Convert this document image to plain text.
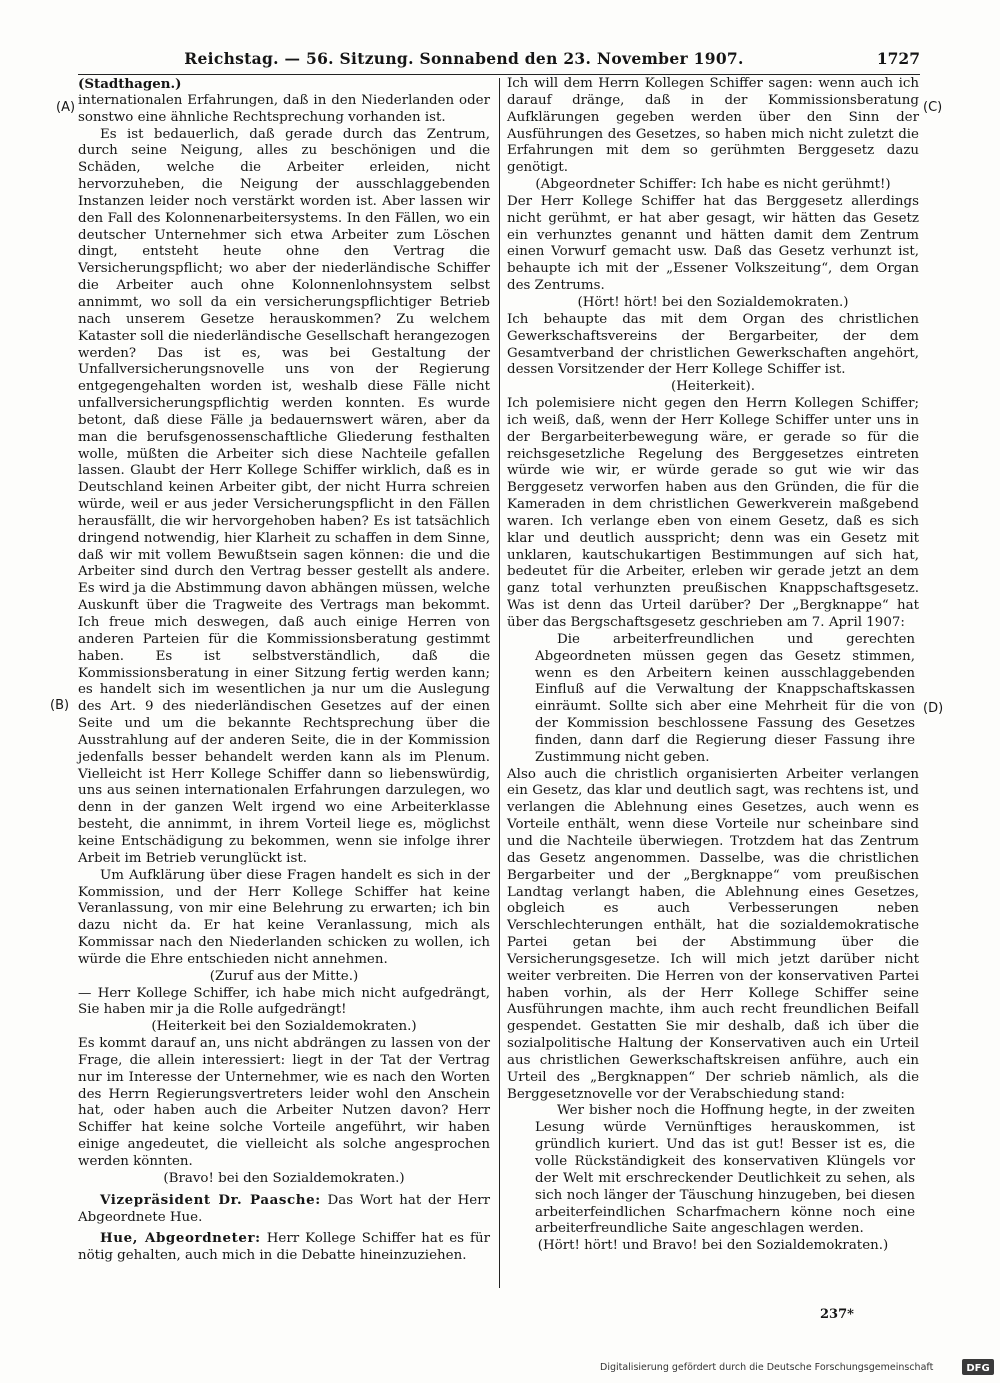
Reichstag. — 56. Sitzung. Sonnabend den 23. November 1907.	1727
(A)
(B)
(C)
(D)

(Stadthagen.)

internationalen Erfahrungen, daß in den Niederlanden oder sonstwo eine ähnliche Rechtsprechung vorhanden ist.

Es ist bedauerlich, daß gerade durch das Zentrum, durch seine Neigung, alles zu beschönigen und die Schäden, welche die Arbeiter erleiden, nicht hervorzuheben, die Neigung der ausschlaggebenden Instanzen leider noch verstärkt worden ist. Aber lassen wir den Fall des Kolonnenarbeitersystems. In den Fällen, wo ein deutscher Unternehmer sich etwa Arbeiter zum Löschen dingt, entsteht heute ohne den Vertrag die Versicherungspflicht; wo aber der niederländische Schiffer die Arbeiter auch ohne Kolonnenlohnsystem selbst annimmt, wo soll da ein versicherungspflichtiger Betrieb nach unserem Gesetze herauskommen? Zu welchem Kataster soll die niederländische Gesellschaft herangezogen werden? Das ist es, was bei Gestaltung der Unfallversicherungsnovelle uns von der Regierung entgegengehalten worden ist, weshalb diese Fälle nicht unfallversicherungspflichtig werden konnten. Es wurde betont, daß diese Fälle ja bedauernswert wären, aber da man die berufsgenossenschaftliche Gliederung festhalten wolle, müßten die Arbeiter sich diese Nachteile gefallen lassen. Glaubt der Herr Kollege Schiffer wirklich, daß es in Deutschland keinen Arbeiter gibt, der nicht Hurra schreien würde, weil er aus jeder Versicherungspflicht in den Fällen herausfällt, die wir hervorgehoben haben? Es ist tatsächlich dringend notwendig, hier Klarheit zu schaffen in dem Sinne, daß wir mit vollem Bewußtsein sagen können: die und die Arbeiter sind durch den Vertrag besser gestellt als andere. Es wird ja die Abstimmung davon abhängen müssen, welche Auskunft über die Tragweite des Vertrags man bekommt. Ich freue mich deswegen, daß auch einige Herren von anderen Parteien für die Kommissionsberatung gestimmt haben. Es ist selbstverständlich, daß die Kommissionsberatung in einer Sitzung fertig werden kann; es handelt sich im wesentlichen ja nur um die Auslegung des Art. 9 des niederländischen Gesetzes auf der einen Seite und um die bekannte Rechtsprechung über die Ausstrahlung auf der anderen Seite, die in der Kommission jedenfalls besser behandelt werden kann als im Plenum. Vielleicht ist Herr Kollege Schiffer dann so liebenswürdig, uns aus seinen internationalen Erfahrungen darzulegen, wo denn in der ganzen Welt irgend wo eine Arbeiterklasse besteht, die annimmt, in ihrem Vorteil liege es, möglichst keine Entschädigung zu bekommen, wenn sie infolge ihrer Arbeit im Betrieb verunglückt ist.

Um Aufklärung über diese Fragen handelt es sich in der Kommission, und der Herr Kollege Schiffer hat keine Veranlassung, von mir eine Belehrung zu erwarten; ich bin dazu nicht da. Er hat keine Veranlassung, mich als Kommissar nach den Niederlanden schicken zu wollen, ich würde die Ehre entschieden nicht annehmen.

(Zuruf aus der Mitte.)

— Herr Kollege Schiffer, ich habe mich nicht aufgedrängt, Sie haben mir ja die Rolle aufgedrängt!

(Heiterkeit bei den Sozialdemokraten.)

Es kommt darauf an, uns nicht abdrängen zu lassen von der Frage, die allein interessiert: liegt in der Tat der Vertrag nur im Interesse der Unternehmer, wie es nach den Worten des Herrn Regierungsvertreters leider wohl den Anschein hat, oder haben auch die Arbeiter Nutzen davon? Herr Schiffer hat keine solche Vorteile angeführt, wir haben einige angedeutet, die vielleicht als solche angesprochen werden könnten.

(Bravo! bei den Sozialdemokraten.)

Vizepräsident Dr. Paasche: Das Wort hat der Herr Abgeordnete Hue.

Hue, Abgeordneter: Herr Kollege Schiffer hat es für nötig gehalten, auch mich in die Debatte hineinzuziehen.

Ich will dem Herrn Kollegen Schiffer sagen: wenn auch ich darauf dränge, daß in der Kommissionsberatung Aufklärungen gegeben werden über den Sinn der Ausführungen des Gesetzes, so haben mich nicht zuletzt die Erfahrungen mit dem so gerühmten Berggesetz dazu genötigt.

(Abgeordneter Schiffer: Ich habe es nicht gerühmt!)

Der Herr Kollege Schiffer hat das Berggesetz allerdings nicht gerühmt, er hat aber gesagt, wir hätten das Gesetz ein verhunztes genannt und hätten damit dem Zentrum einen Vorwurf gemacht usw. Daß das Gesetz verhunzt ist, behaupte ich mit der „Essener Volkszeitung“, dem Organ des Zentrums.

(Hört! hört! bei den Sozialdemokraten.)

Ich behaupte das mit dem Organ des christlichen Gewerkschaftsvereins der Bergarbeiter, der dem Gesamtverband der christlichen Gewerkschaften angehört, dessen Vorsitzender der Herr Kollege Schiffer ist.

(Heiterkeit).

Ich polemisiere nicht gegen den Herrn Kollegen Schiffer; ich weiß, daß, wenn der Herr Kollege Schiffer unter uns in der Bergarbeiterbewegung wäre, er gerade so für die reichsgesetzliche Regelung des Berggesetzes eintreten würde wie wir, er würde gerade so gut wie wir das Berggesetz verworfen haben aus den Gründen, die für die Kameraden in dem christlichen Gewerkverein maßgebend waren. Ich verlange eben von einem Gesetz, daß es sich klar und deutlich ausspricht; denn was ein Gesetz mit unklaren, kautschukartigen Bestimmungen auf sich hat, bedeutet für die Arbeiter, erleben wir gerade jetzt an dem ganz total verhunzten preußischen Knappschaftsgesetz. Was ist denn das Urteil darüber? Der „Bergknappe“ hat über das Bergschaftsgesetz geschrieben am 7. April 1907:

Die arbeiterfreundlichen und gerechten Abgeordneten müssen gegen das Gesetz stimmen, wenn es den Arbeitern keinen ausschlaggebenden Einfluß auf die Verwaltung der Knappschaftskassen einräumt. Sollte sich aber eine Mehrheit für die von der Kommission beschlossene Fassung des Gesetzes finden, dann darf die Regierung dieser Fassung ihre Zustimmung nicht geben.

Also auch die christlich organisierten Arbeiter verlangen ein Gesetz, das klar und deutlich sagt, was rechtens ist, und verlangen die Ablehnung eines Gesetzes, auch wenn es Vorteile enthält, wenn diese Vorteile nur scheinbare sind und die Nachteile überwiegen. Trotzdem hat das Zentrum das Gesetz angenommen. Dasselbe, was die christlichen Bergarbeiter und der „Bergknappe“ vom preußischen Landtag verlangt haben, die Ablehnung eines Gesetzes, obgleich es auch Verbesserungen neben Verschlechterungen enthält, hat die sozialdemokratische Partei getan bei der Abstimmung über die Versicherungsgesetze. Ich will mich jetzt darüber nicht weiter verbreiten. Die Herren von der konservativen Partei haben vorhin, als der Herr Kollege Schiffer seine Ausführungen machte, ihm auch recht freundlichen Beifall gespendet. Gestatten Sie mir deshalb, daß ich über die sozialpolitische Haltung der Konservativen auch ein Urteil aus christlichen Gewerkschaftskreisen anführe, auch ein Urteil des „Bergknappen“ Der schrieb nämlich, als die Berggesetznovelle vor der Verabschiedung stand:

Wer bisher noch die Hoffnung hegte, in der zweiten Lesung würde Vernünftiges herauskommen, ist gründlich kuriert. Und das ist gut! Besser ist es, die volle Rückständigkeit des konservativen Klüngels vor der Welt mit erschreckender Deutlichkeit zu sehen, als sich noch länger der Täuschung hinzugeben, bei diesen arbeiterfeindlichen Scharfmachern könne noch eine arbeiterfreundliche Saite angeschlagen werden.

(Hört! hört! und Bravo! bei den Sozialdemokraten.)

237*
Digitalisierung gefördert durch die Deutsche Forschungsgemeinschaft	DFG
